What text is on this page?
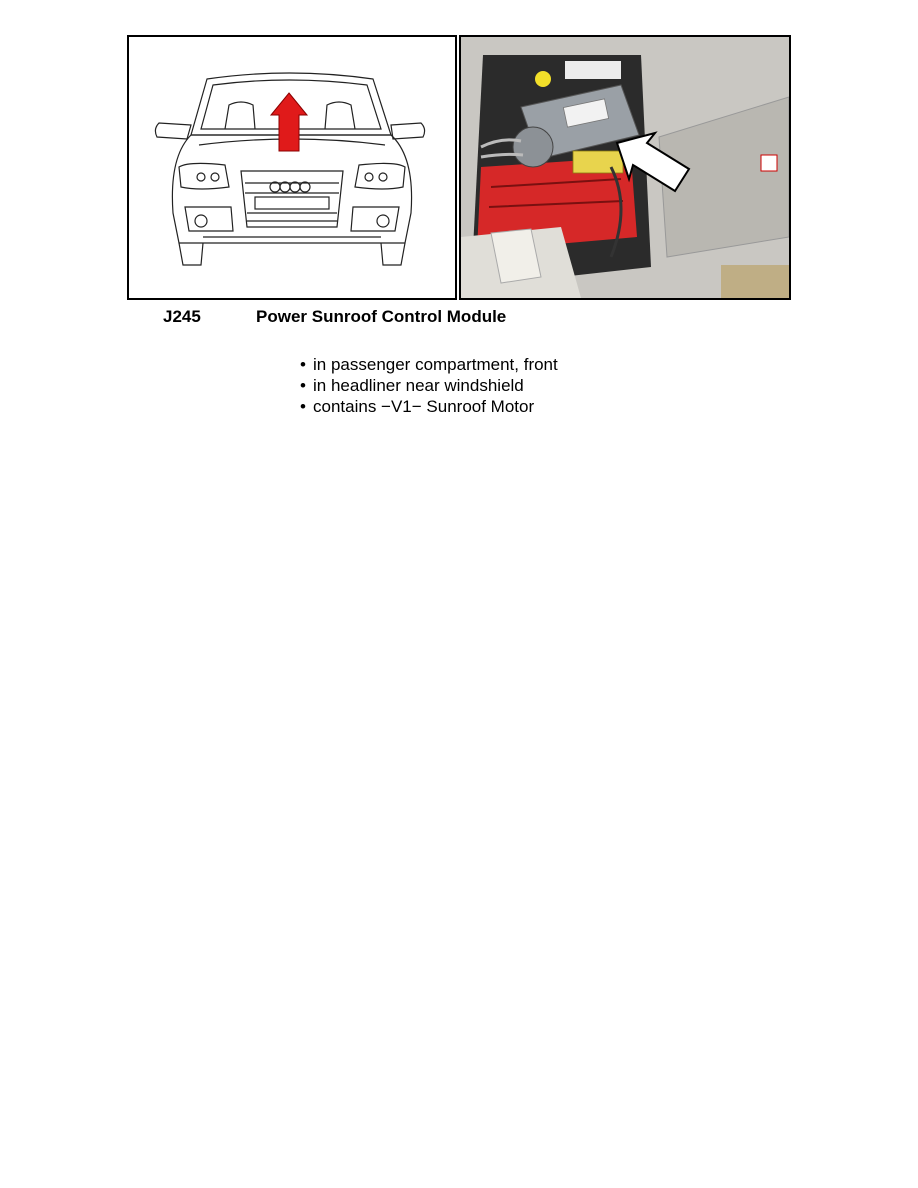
J245	Power Sunroof Control Module
• in passenger compartment, front
• in headliner near windshield
• contains −V1− Sunroof Motor
